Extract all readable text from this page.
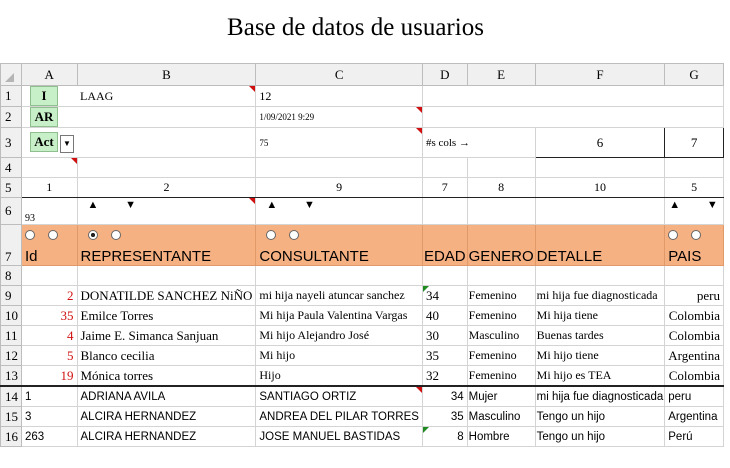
Base de datos de usuarios
	A	B	C	D	E	F	G
1	I	LAAG	12				
2	AR		1/09/2021 9:29

3	Act ▼		75	#s cols →		6	7
4	

5	1	2	9	7	8	10	5
6	93	▲ ▼	▲ ▼				▲ ▼

7	Id	REPRESENTANTE	CONSULTANTE	EDAD	GENERO	DETALLE	PAIS
8							
9	2	DONATILDE SANCHEZ NiÑO	mi hija nayeli atuncar sanchez	34	Femenino	mi hija fue diagnosticada	peru
10	35	Emilce Torres	Mi hija Paula Valentina Vargas	40	Femenino	Mi hija tiene	Colombia
11	4	Jaime E. Simanca Sanjuan	Mi hijo Alejandro José	30	Masculino	Buenas tardes	Colombia
12	5	Blanco cecilia	Mi hijo	35	Femenino	Mi hijo tiene	Argentina
13	19	Mónica torres	Hijo	32	Femenino	Mi hijo es TEA	Colombia
14	1	ADRIANA AVILA	SANTIAGO ORTIZ	34	Mujer	mi hija fue diagnosticada	peru
15	3	ALCIRA HERNANDEZ	ANDREA DEL PILAR TORRES	35	Masculino	Tengo un hijo	Argentina
16	263	ALCIRA HERNANDEZ	JOSE MANUEL BASTIDAS	8	Hombre	Tengo un hijo	Perú
